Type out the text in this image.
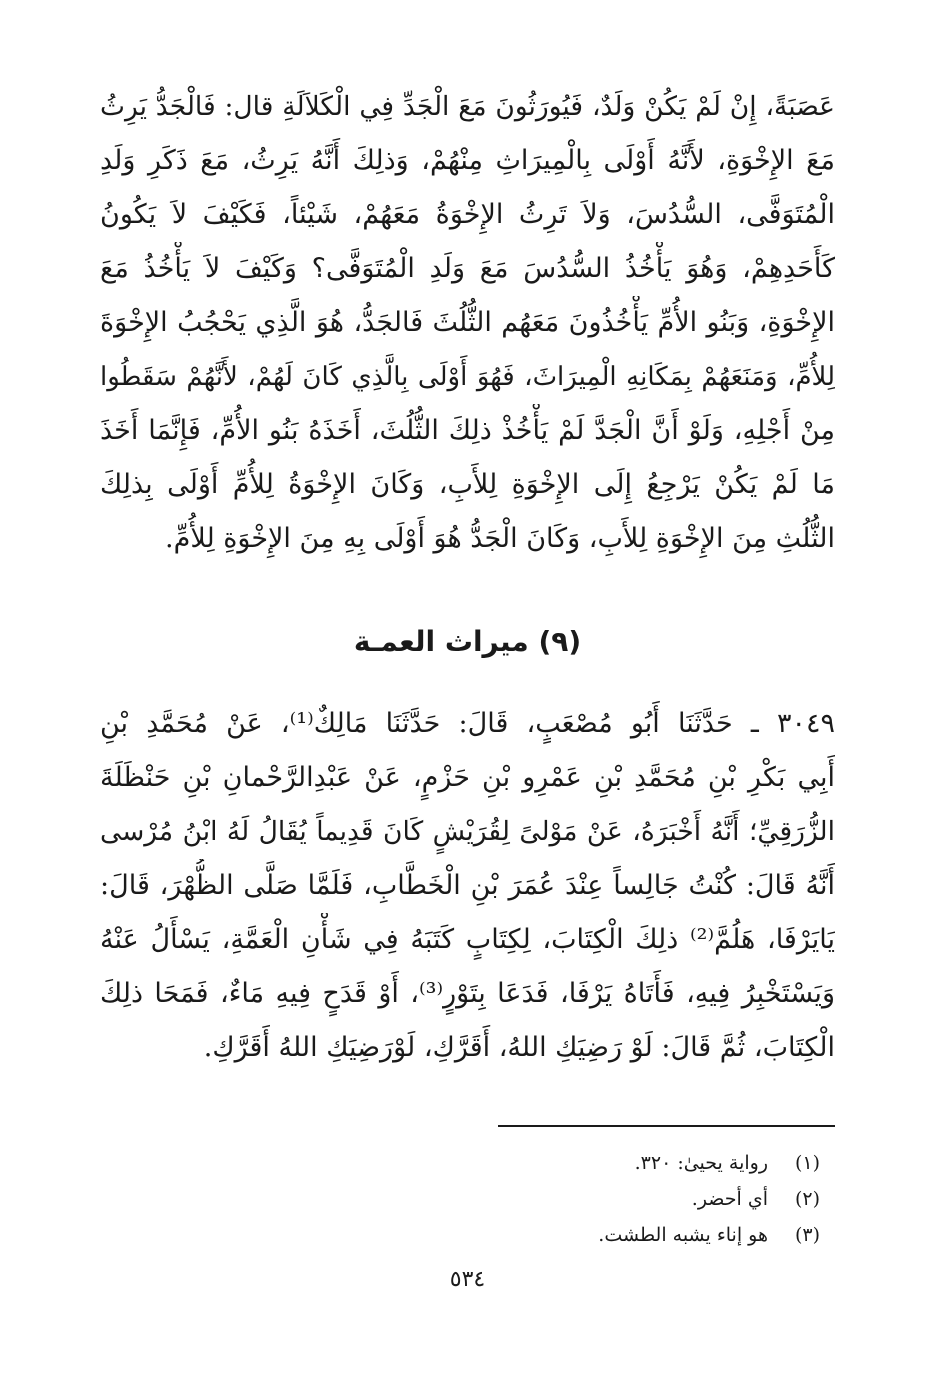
عَصَبَةً، إِنْ لَمْ يَكُنْ وَلَدٌ، فَيُورَثُونَ مَعَ الْجَدِّ فِي الْكَلاَلَةِ قال: فَالْجَدُّ يَرِثُ
مَعَ الإِخْوَةِ، لأَنَّهُ أَوْلَى بِالْمِيرَاثِ مِنْهُمْ، وَذلِكَ أَنَّهُ يَرِثُ، مَعَ ذَكَرِ وَلَدِ
الْمُتَوَفَّى، السُّدُسَ، وَلاَ تَرِثُ الإِخْوَةُ مَعَهُمْ، شَيْئاً، فَكَيْفَ لاَ يَكُونُ
كَأَحَدِهِمْ، وَهُوَ يَأْخُذُ السُّدُسَ مَعَ وَلَدِ الْمُتَوَفَّى؟ وَكَيْفَ لاَ يَأْخُذُ مَعَ
الإِخْوَةِ، وَبَنُو الأُمِّ يَأْخُذُونَ مَعَهُم الثُّلُثَ فَالجَدُّ، هُوَ الَّذِي يَحْجُبُ الإِخْوَةَ
لِلأُمِّ، وَمَنَعَهُمْ بِمَكَانِهِ الْمِيرَاثَ، فَهُوَ أَوْلَى بِالَّذِي كَانَ لَهُمْ، لأَنَّهُمْ سَقَطُوا
مِنْ أَجْلِهِ، وَلَوْ أَنَّ الْجَدَّ لَمْ يَأْخُذْ ذلِكَ الثُّلُثَ، أَخَذَهُ بَنُو الأُمِّ، فَإِنَّمَا أَخَذَ
مَا لَمْ يَكُنْ يَرْجِعُ إِلَى الإِخْوَةِ لِلأَبِ، وَكَانَ الإِخْوَةُ لِلأُمِّ أَوْلَى بِذلِكَ
الثُّلُثِ مِنَ الإِخْوَةِ لِلأَبِ، وَكَانَ الْجَدُّ هُوَ أَوْلَى بِهِ مِنَ الإِخْوَةِ لِلأُمِّ.
(٩) ميراث العمـة
٣٠٤٩ ـ حَدَّثَنَا أَبُو مُصْعَبٍ، قَالَ: حَدَّثَنَا مَالِكٌ⁽¹⁾، عَنْ مُحَمَّدِ بْنِ
أَبِي بَكْرِ بْنِ مُحَمَّدِ بْنِ عَمْرِو بْنِ حَزْمٍ، عَنْ عَبْدِالرَّحْمانِ بْنِ حَنْظَلَةَ
الزُّرَقِيِّ؛ أَنَّهُ أَخْبَرَهُ، عَنْ مَوْلىً لِقُرَيْشٍ كَانَ قَدِيماً يُقَالُ لَهُ ابْنُ مُرْسى
أَنَّهُ قَالَ: كُنْتُ جَالِساً عِنْدَ عُمَرَ بْنِ الْخَطَّابِ، فَلَمَّا صَلَّى الظُّهْرَ، قَالَ:
يَايَرْفَا، هَلُمَّ⁽²⁾ ذلِكَ الْكِتَابَ، لِكِتَابٍ كَتَبَهُ فِي شَأْنِ الْعَمَّةِ، يَسْأَلُ عَنْهُ
وَيَسْتَخْبِرُ فِيهِ، فَأَتَاهُ يَرْفَا، فَدَعَا بِتَوْرٍ⁽³⁾، أَوْ قَدَحٍ فِيهِ مَاءٌ، فَمَحَا ذلِكَ
الْكِتَابَ، ثُمَّ قَالَ: لَوْ رَضِيَكِ اللهُ، أَقَرَّكِ، لَوْرَضِيَكِ اللهُ أَقَرَّكِ.
(١)
رواية يحيىٰ: ٣٢٠.
(٢)
أي أحضر.
(٣)
هو إناء يشبه الطشت.
٥٣٤
